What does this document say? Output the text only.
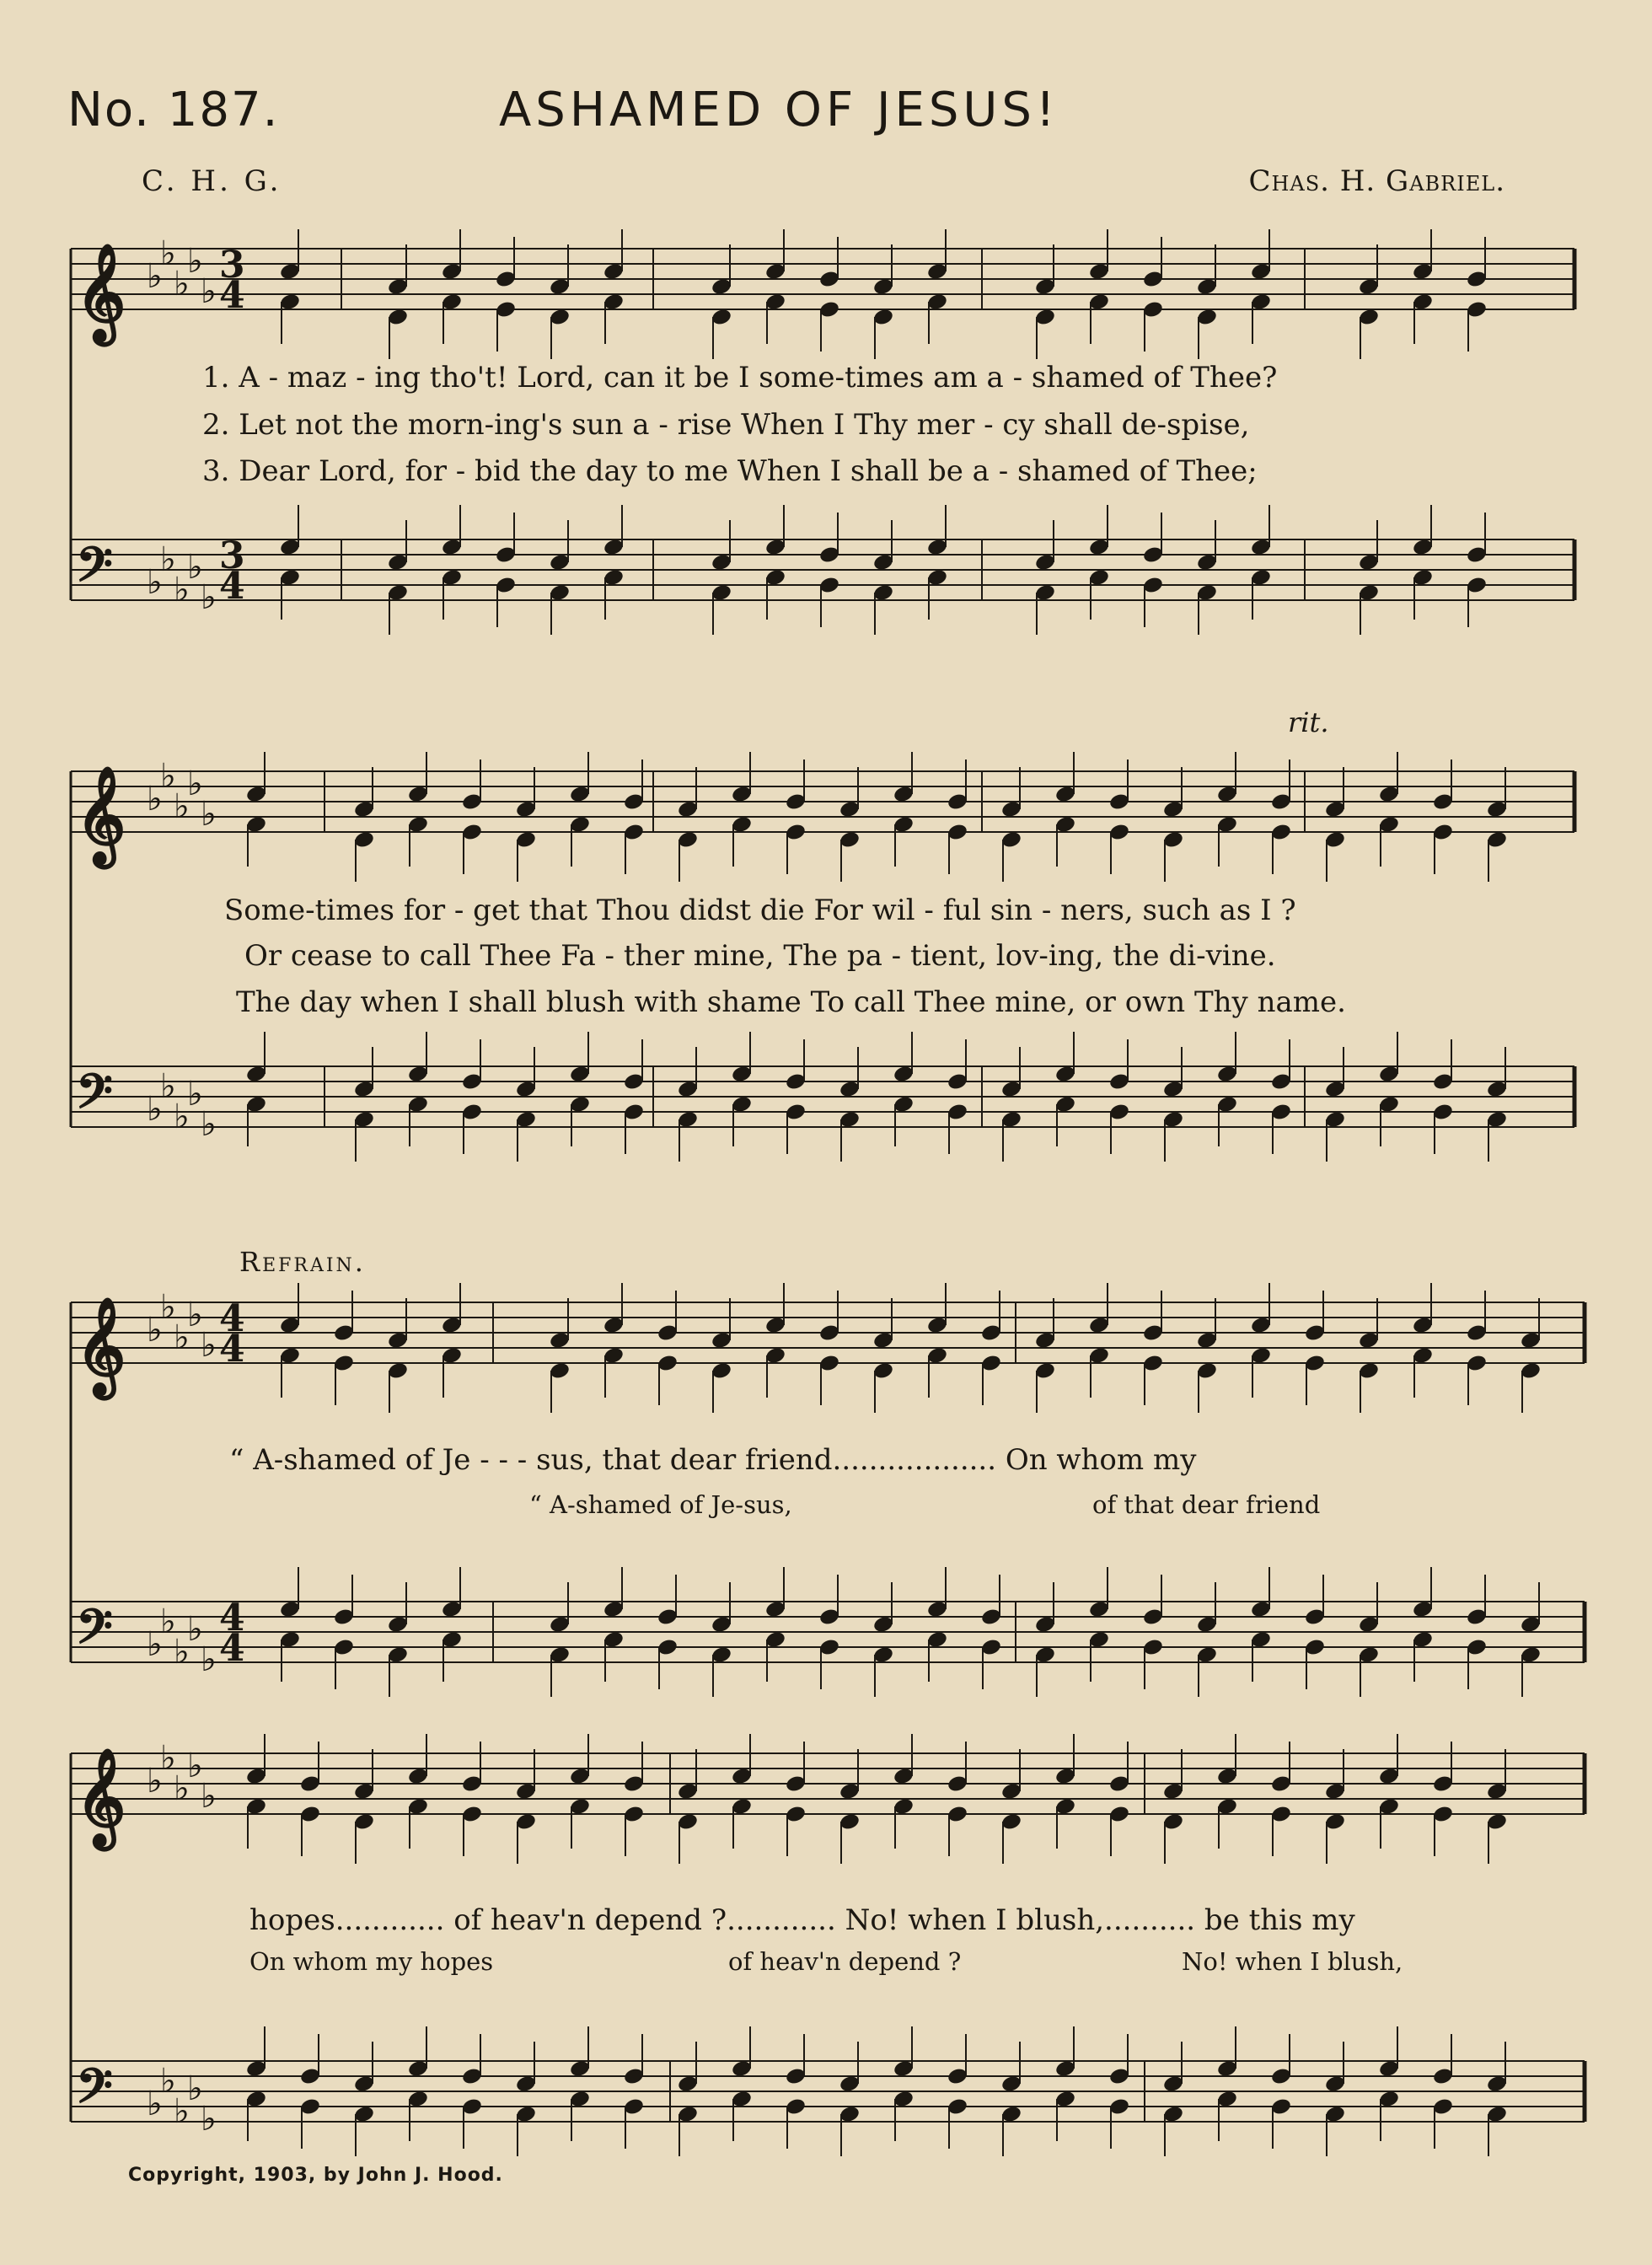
No. 187.	ASHAMED OF JESUS!
C. H. G.	Chas. H. Gabriel.
𝄞 ♭
♭
♭
♭
♭
3
4
𝄢 ♭
♭
♭
♭
♭
3
4
𝄞 ♭
♭
♭
♭
♭
𝄢 ♭
♭
♭
♭
♭
𝄞 ♭
♭
♭
♭
♭
4
4
𝄢 ♭
♭
♭
♭
♭
4
4
𝄞 ♭
♭
♭
♭
♭
𝄢 ♭
♭
♭
♭
♭
1. A - maz - ing tho't! Lord, can it be I some-times am a - shamed of Thee?
2. Let not the morn-ing's sun a - rise When I Thy mer - cy shall de-spise,
3. Dear Lord, for - bid the day to me When I shall be a - shamed of Thee;
rit.
Some-times for - get that Thou didst die For wil - ful sin - ners, such as I ?
Or cease to call Thee Fa - ther mine, The pa - tient, lov-ing, the di-vine.
The day when I shall blush with shame To call Thee mine, or own Thy name.
Refrain.
“ A-shamed of Je - - - sus, that dear friend.................. On whom my
“ A-shamed of Je-sus,	of that dear friend
hopes............ of heav'n depend ?............ No! when I blush,.......... be this my
On whom my hopes	of heav'n depend ?	No! when I blush,
Copyright, 1903, by John J. Hood.
